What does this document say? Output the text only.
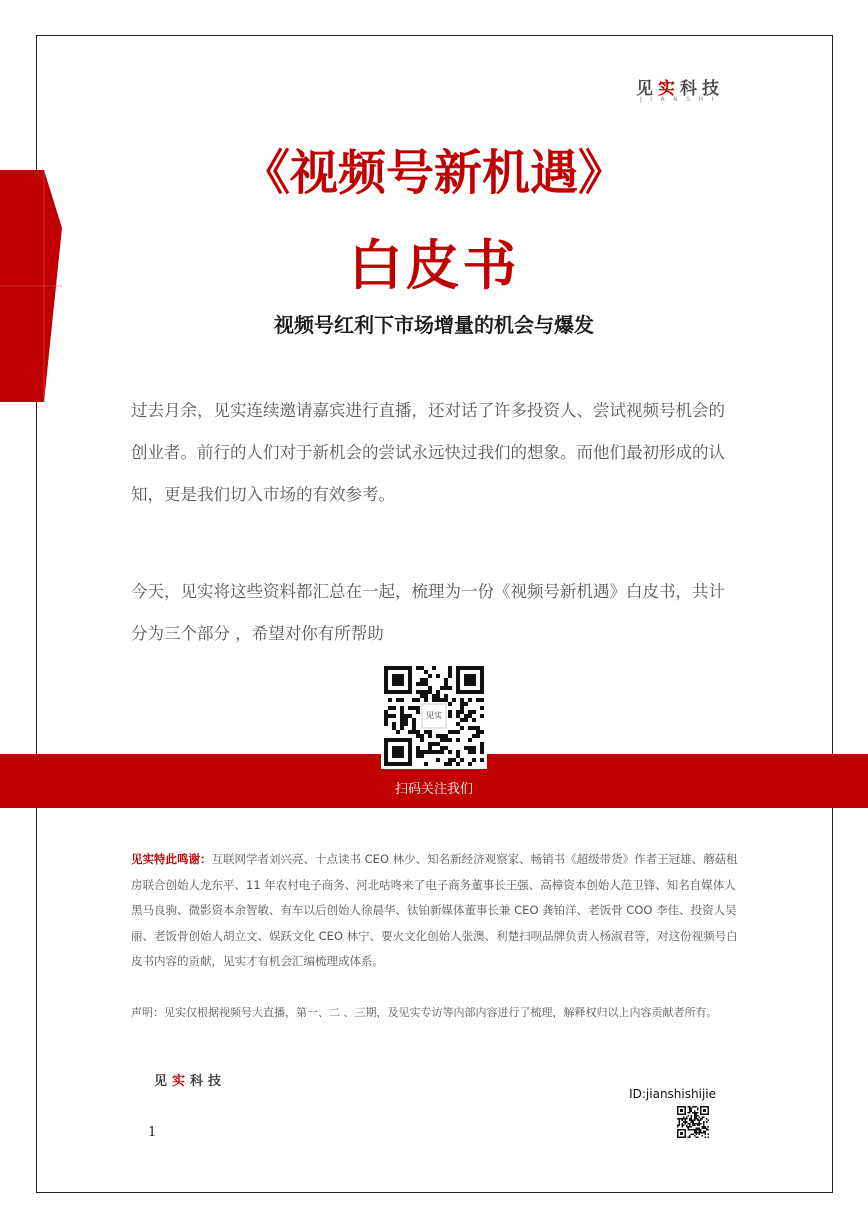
见实科技
JIANSHI
《视频号新机遇》
白皮书
视频号红利下市场增量的机会与爆发
过去月余，见实连续邀请嘉宾进行直播，还对话了许多投资人、尝试视频号机会的创业者。前行的人们对于新机会的尝试永远快过我们的想象。而他们最初形成的认知，更是我们切入市场的有效参考。
今天，见实将这些资料都汇总在一起，梳理为一份《视频号新机遇》白皮书，共计分为三个部分 ，希望对你有所帮助
见实
扫码关注我们
见实特此鸣谢：互联网学者刘兴亮、十点读书 CEO 林少、知名新经济观察家、畅销书《超级带货》作者王冠雄、蘑菇租房联合创始人龙东平、11 年农村电子商务、河北咕咚来了电子商务董事长王强、高樟资本创始人范卫锋、知名自媒体人黑马良驹、微影资本余智敏、有车以后创始人徐晨华、钛铂新媒体董事长兼 CEO 龚铂洋、老饭骨 COO 李佳、投资人吴丽、老饭骨创始人胡立文、娱跃文化 CEO 林宁、要火文化创始人张澳、利楚扫呗品牌负责人杨淑君等，对这份视频号白皮书内容的贡献，见实才有机会汇编梳理成体系。
声明：见实仅根据视频号大直播，第一、二 、三期，及见实专访等内部内容进行了梳理，解释权归以上内容贡献者所有。
见实科技
ID:jianshishijie
1
